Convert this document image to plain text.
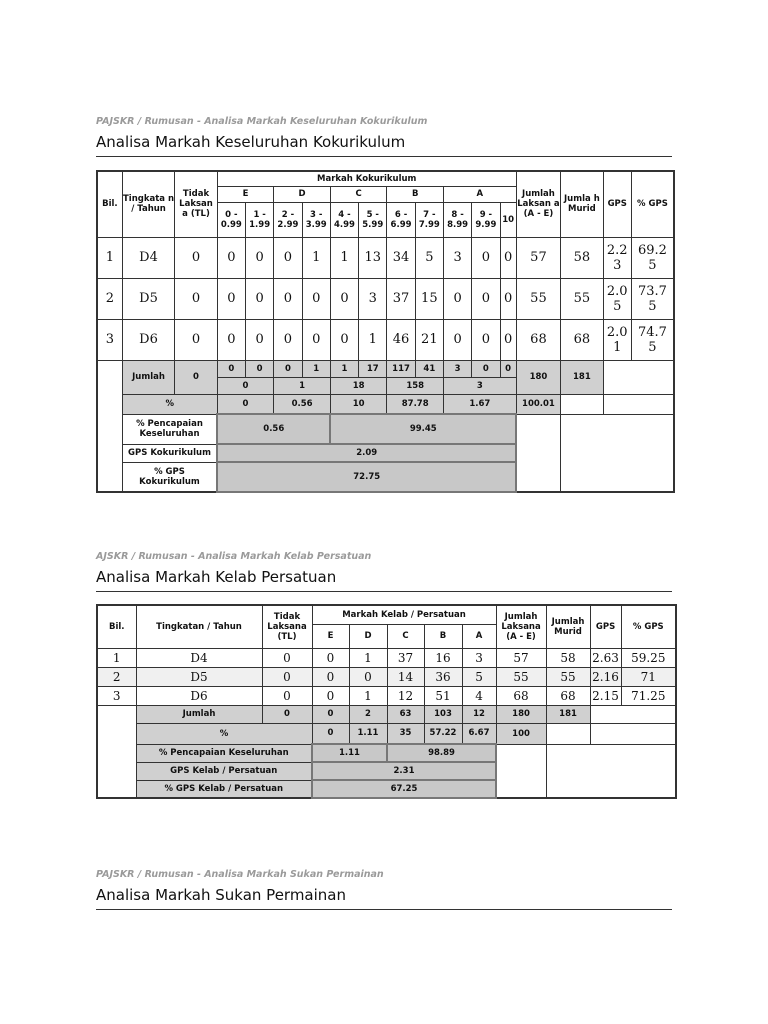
PAJSKR / Rumusan - Analisa Markah Keseluruhan Kokurikulum
Analisa Markah Keseluruhan Kokurikulum
Bil.	Tingkata n / Tahun	Tidak Laksan a (TL)	Markah Kokurikulum											Jumlah Laksan a (A - E)	Jumla h Murid	GPS	% GPS
			E		D		C		B		A						
			0 - 0.99	1 - 1.99	2 - 2.99	3 - 3.99	4 - 4.99	5 - 5.99	6 - 6.99	7 - 7.99	8 - 8.99	9 - 9.99	10				
1	D4	0	0	0	0	1	1	13	34	5	3	0	0	57	58	2.2 3	69.2 5
2	D5	0	0	0	0	0	0	3	37	15	0	0	0	55	55	2.0 5	73.7 5
3	D6	0	0	0	0	0	0	1	46	21	0	0	0	68	68	2.0 1	74.7 5
	Jumlah	0	0	0	0	1	1	17	117	41	3	0	0	180	181		
			0		1		18		158		3						
	%		0		0.56		10		87.78		1.67			100.01			
	% Pencapaian Keseluruhan		0.56				99.45										
	GPS Kokurikulum		2.09														
	% GPS Kokurikulum		72.75														
AJSKR / Rumusan - Analisa Markah Kelab Persatuan
Analisa Markah Kelab Persatuan
Bil.	Tingkatan / Tahun	Tidak Laksana (TL)	Markah Kelab / Persatuan					Jumlah Laksana (A - E)	Jumlah Murid	GPS	% GPS
			E	D	C	B	A				
1	D4	0	0	1	37	16	3	57	58	2.63	59.25
2	D5	0	0	0	14	36	5	55	55	2.16	71
3	D6	0	0	1	12	51	4	68	68	2.15	71.25
	Jumlah	0	0	2	63	103	12	180	181		
	%		0	1.11	35	57.22	6.67	100			
	% Pencapaian Keseluruhan		1.11		98.89						
	GPS Kelab / Persatuan		2.31								
	% GPS Kelab / Persatuan		67.25								
PAJSKR / Rumusan - Analisa Markah Sukan Permainan
Analisa Markah Sukan Permainan
